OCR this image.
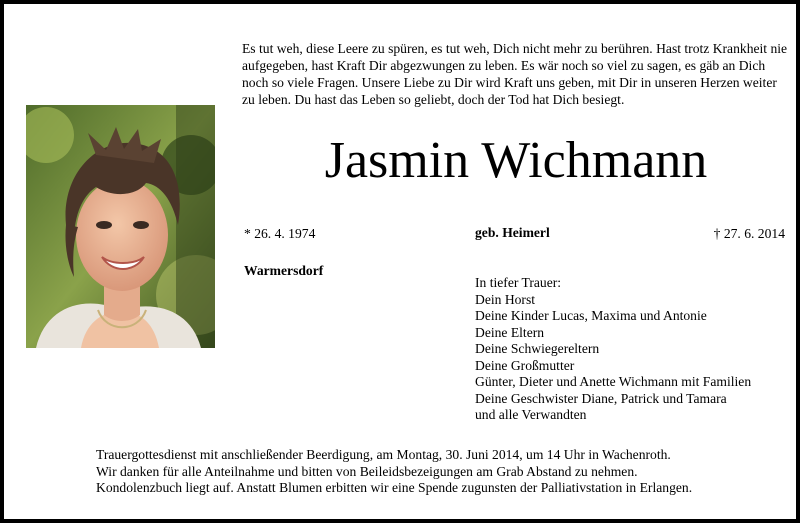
Es tut weh, diese Leere zu spüren, es tut weh, Dich nicht mehr zu berühren. Hast trotz Krankheit nie aufgegeben, hast Kraft Dir abgezwungen zu leben. Es wär noch so viel zu sagen, es gäb an Dich noch so viele Fragen. Unsere Liebe zu Dir wird Kraft uns geben, mit Dir in unseren Herzen weiter zu leben. Du hast das Leben so geliebt, doch der Tod hat Dich besiegt.

Jasmin Wichmann
* 26. 4. 1974	geb. Heimerl	† 27. 6. 2014
Warmersdorf
In tiefer Trauer:
Dein Horst
Deine Kinder Lucas, Maxima und Antonie
Deine Eltern
Deine Schwiegereltern
Deine Großmutter
Günter, Dieter und Anette Wichmann mit Familien
Deine Geschwister Diane, Patrick und Tamara
und alle Verwandten

Trauergottesdienst mit anschließender Beerdigung, am Montag, 30. Juni 2014, um 14 Uhr in Wachenroth.

Wir danken für alle Anteilnahme und bitten von Beileidsbezeigungen am Grab Abstand zu nehmen.

Kondolenzbuch liegt auf. Anstatt Blumen erbitten wir eine Spende zugunsten der Palliativstation in Erlangen.
